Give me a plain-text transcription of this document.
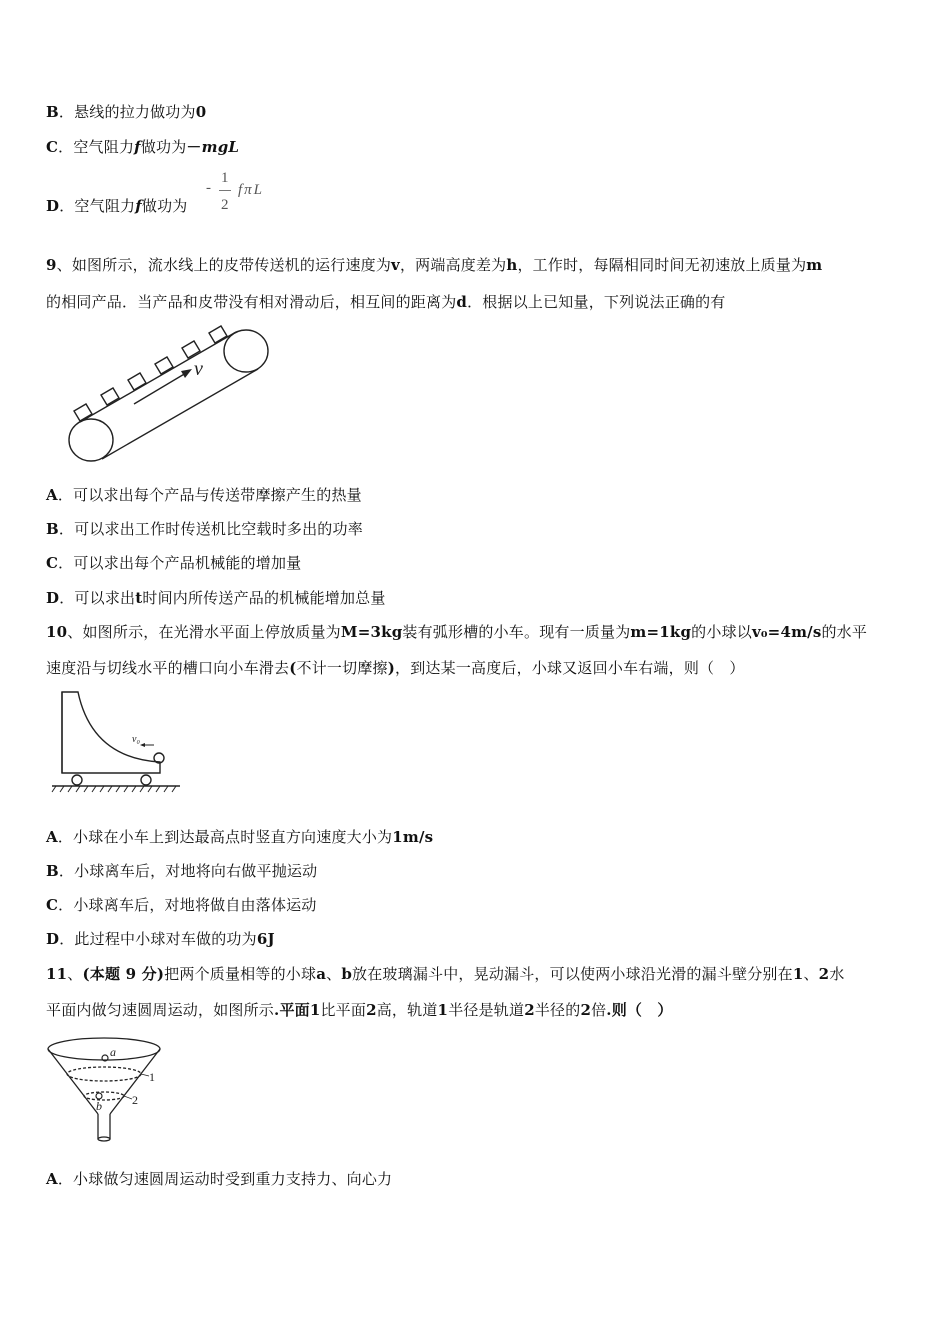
B．悬线的拉力做功为0
C．空气阻力f做功为－mgL
D．空气阻力f做功为
-
1
2
fπL
9、如图所示，流水线上的皮带传送机的运行速度为v，两端高度差为h，工作时，每隔相同时间无初速放上质量为m
的相同产品．当产品和皮带没有相对滑动后，相互间的距离为d．根据以上已知量，下列说法正确的有
v
A．可以求出每个产品与传送带摩擦产生的热量
B．可以求出工作时传送机比空载时多出的功率
C．可以求出每个产品机械能的增加量
D．可以求出t时间内所传送产品的机械能增加总量
10、如图所示，在光滑水平面上停放质量为M=3kg装有弧形槽的小车。现有一质量为m=1kg的小球以v₀=4m/s的水平
速度沿与切线水平的槽口向小车滑去(不计一切摩擦)，到达某一高度后，小球又返回小车右端，则（　）
v₀
A．小球在小车上到达最高点时竖直方向速度大小为1m/s
B．小球离车后，对地将向右做平抛运动
C．小球离车后，对地将做自由落体运动
D．此过程中小球对车做的功为6J
11、(本题 9 分)把两个质量相等的小球a、b放在玻璃漏斗中，晃动漏斗，可以使两小球沿光滑的漏斗壁分别在1、2水
平面内做匀速圆周运动，如图所示.平面1比平面2高，轨道1半径是轨道2半径的2倍.则（　）
a
b
1
2
A．小球做匀速圆周运动时受到重力支持力、向心力
